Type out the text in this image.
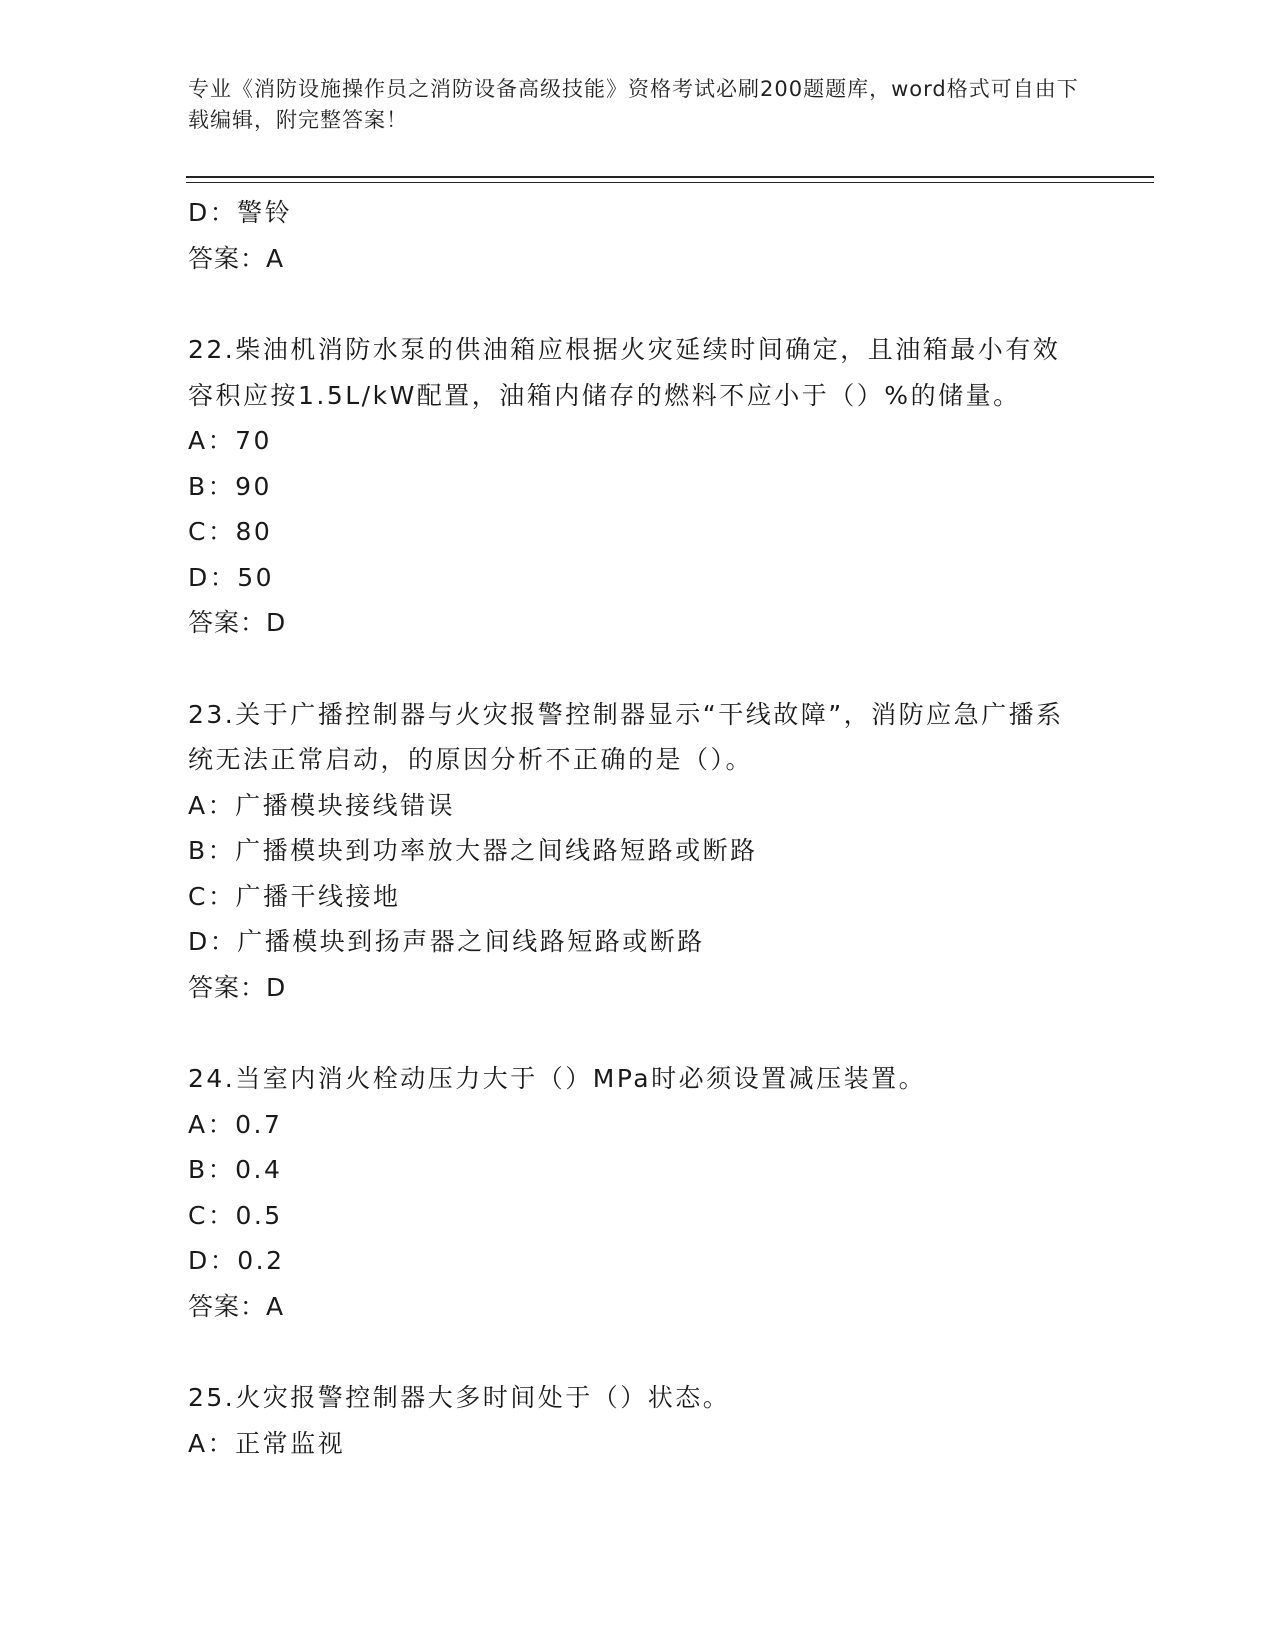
专业《消防设施操作员之消防设备高级技能》资格考试必刷200题题库，word格式可自由下载编辑，附完整答案！
D：警铃
答案：A
22.柴油机消防水泵的供油箱应根据火灾延续时间确定，且油箱最小有效容积应按1.5L/kW配置，油箱内储存的燃料不应小于（）%的储量。
A：70
B：90
C：80
D：50
答案：D
23.关于广播控制器与火灾报警控制器显示“干线故障”，消防应急广播系统无法正常启动，的原因分析不正确的是（）。
A：广播模块接线错误
B：广播模块到功率放大器之间线路短路或断路
C：广播干线接地
D：广播模块到扬声器之间线路短路或断路
答案：D
24.当室内消火栓动压力大于（）MPa时必须设置减压装置。
A：0.7
B：0.4
C：0.5
D：0.2
答案：A
25.火灾报警控制器大多时间处于（）状态。
A：正常监视
